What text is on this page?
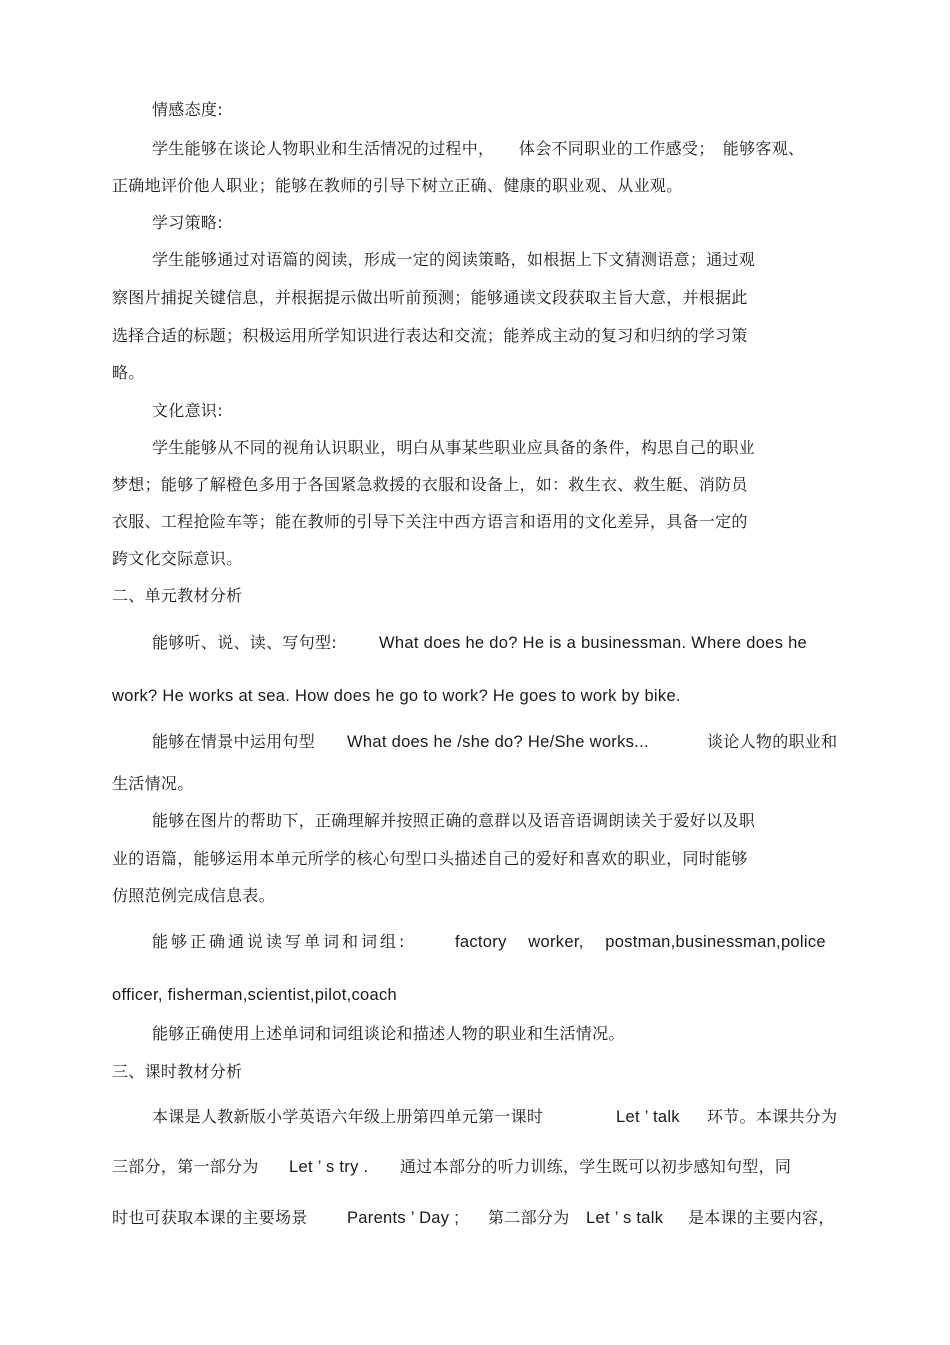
情感态度:
学生能够在谈论人物职业和生活情况的过程中，　　体会不同职业的工作感受；　能够客观、
正确地评价他人职业；能够在教师的引导下树立正确、健康的职业观、从业观。
学习策略:
学生能够通过对语篇的阅读，形成一定的阅读策略，如根据上下文猜测语意；通过观
察图片捕捉关键信息，并根据提示做出听前预测；能够通读文段获取主旨大意，并根据此
选择合适的标题；积极运用所学知识进行表达和交流；能养成主动的复习和归纳的学习策
略。
文化意识:
学生能够从不同的视角认识职业，明白从事某些职业应具备的条件，构思自己的职业
梦想；能够了解橙色多用于各国紧急救援的衣服和设备上，如：救生衣、救生艇、消防员
衣服、工程抢险车等；能在教师的引导下关注中西方语言和语用的文化差异，具备一定的
跨文化交际意识。
二、单元教材分析
能够听、说、读、写句型:	What does he do? He is a businessman. Where does he
work? He works at sea. How does he go to work? He goes to work by bike.
能够在情景中运用句型 What does he /she do? He/She works...	谈论人物的职业和
生活情况。
能够在图片的帮助下，正确理解并按照正确的意群以及语音语调朗读关于爱好以及职
业的语篇，能够运用本单元所学的核心句型口头描述自己的爱好和喜欢的职业，同时能够
仿照范例完成信息表。
能够正确通说读写单词和词组:	factory　 worker,　 postman,businessman,police
officer, fisherman,scientist,pilot,coach
能够正确使用上述单词和词组谈论和描述人物的职业和生活情况。
三、课时教材分析
本课是人教新版小学英语六年级上册第四单元第一课时	Let ’ talk 环节。本课共分为
三部分，第一部分为 Let ’ s try . 通过本部分的听力训练，学生既可以初步感知句型，同
时也可获取本课的主要场景 Parents ’ Day ; 第二部分为 Let ’ s talk 是本课的主要内容，
